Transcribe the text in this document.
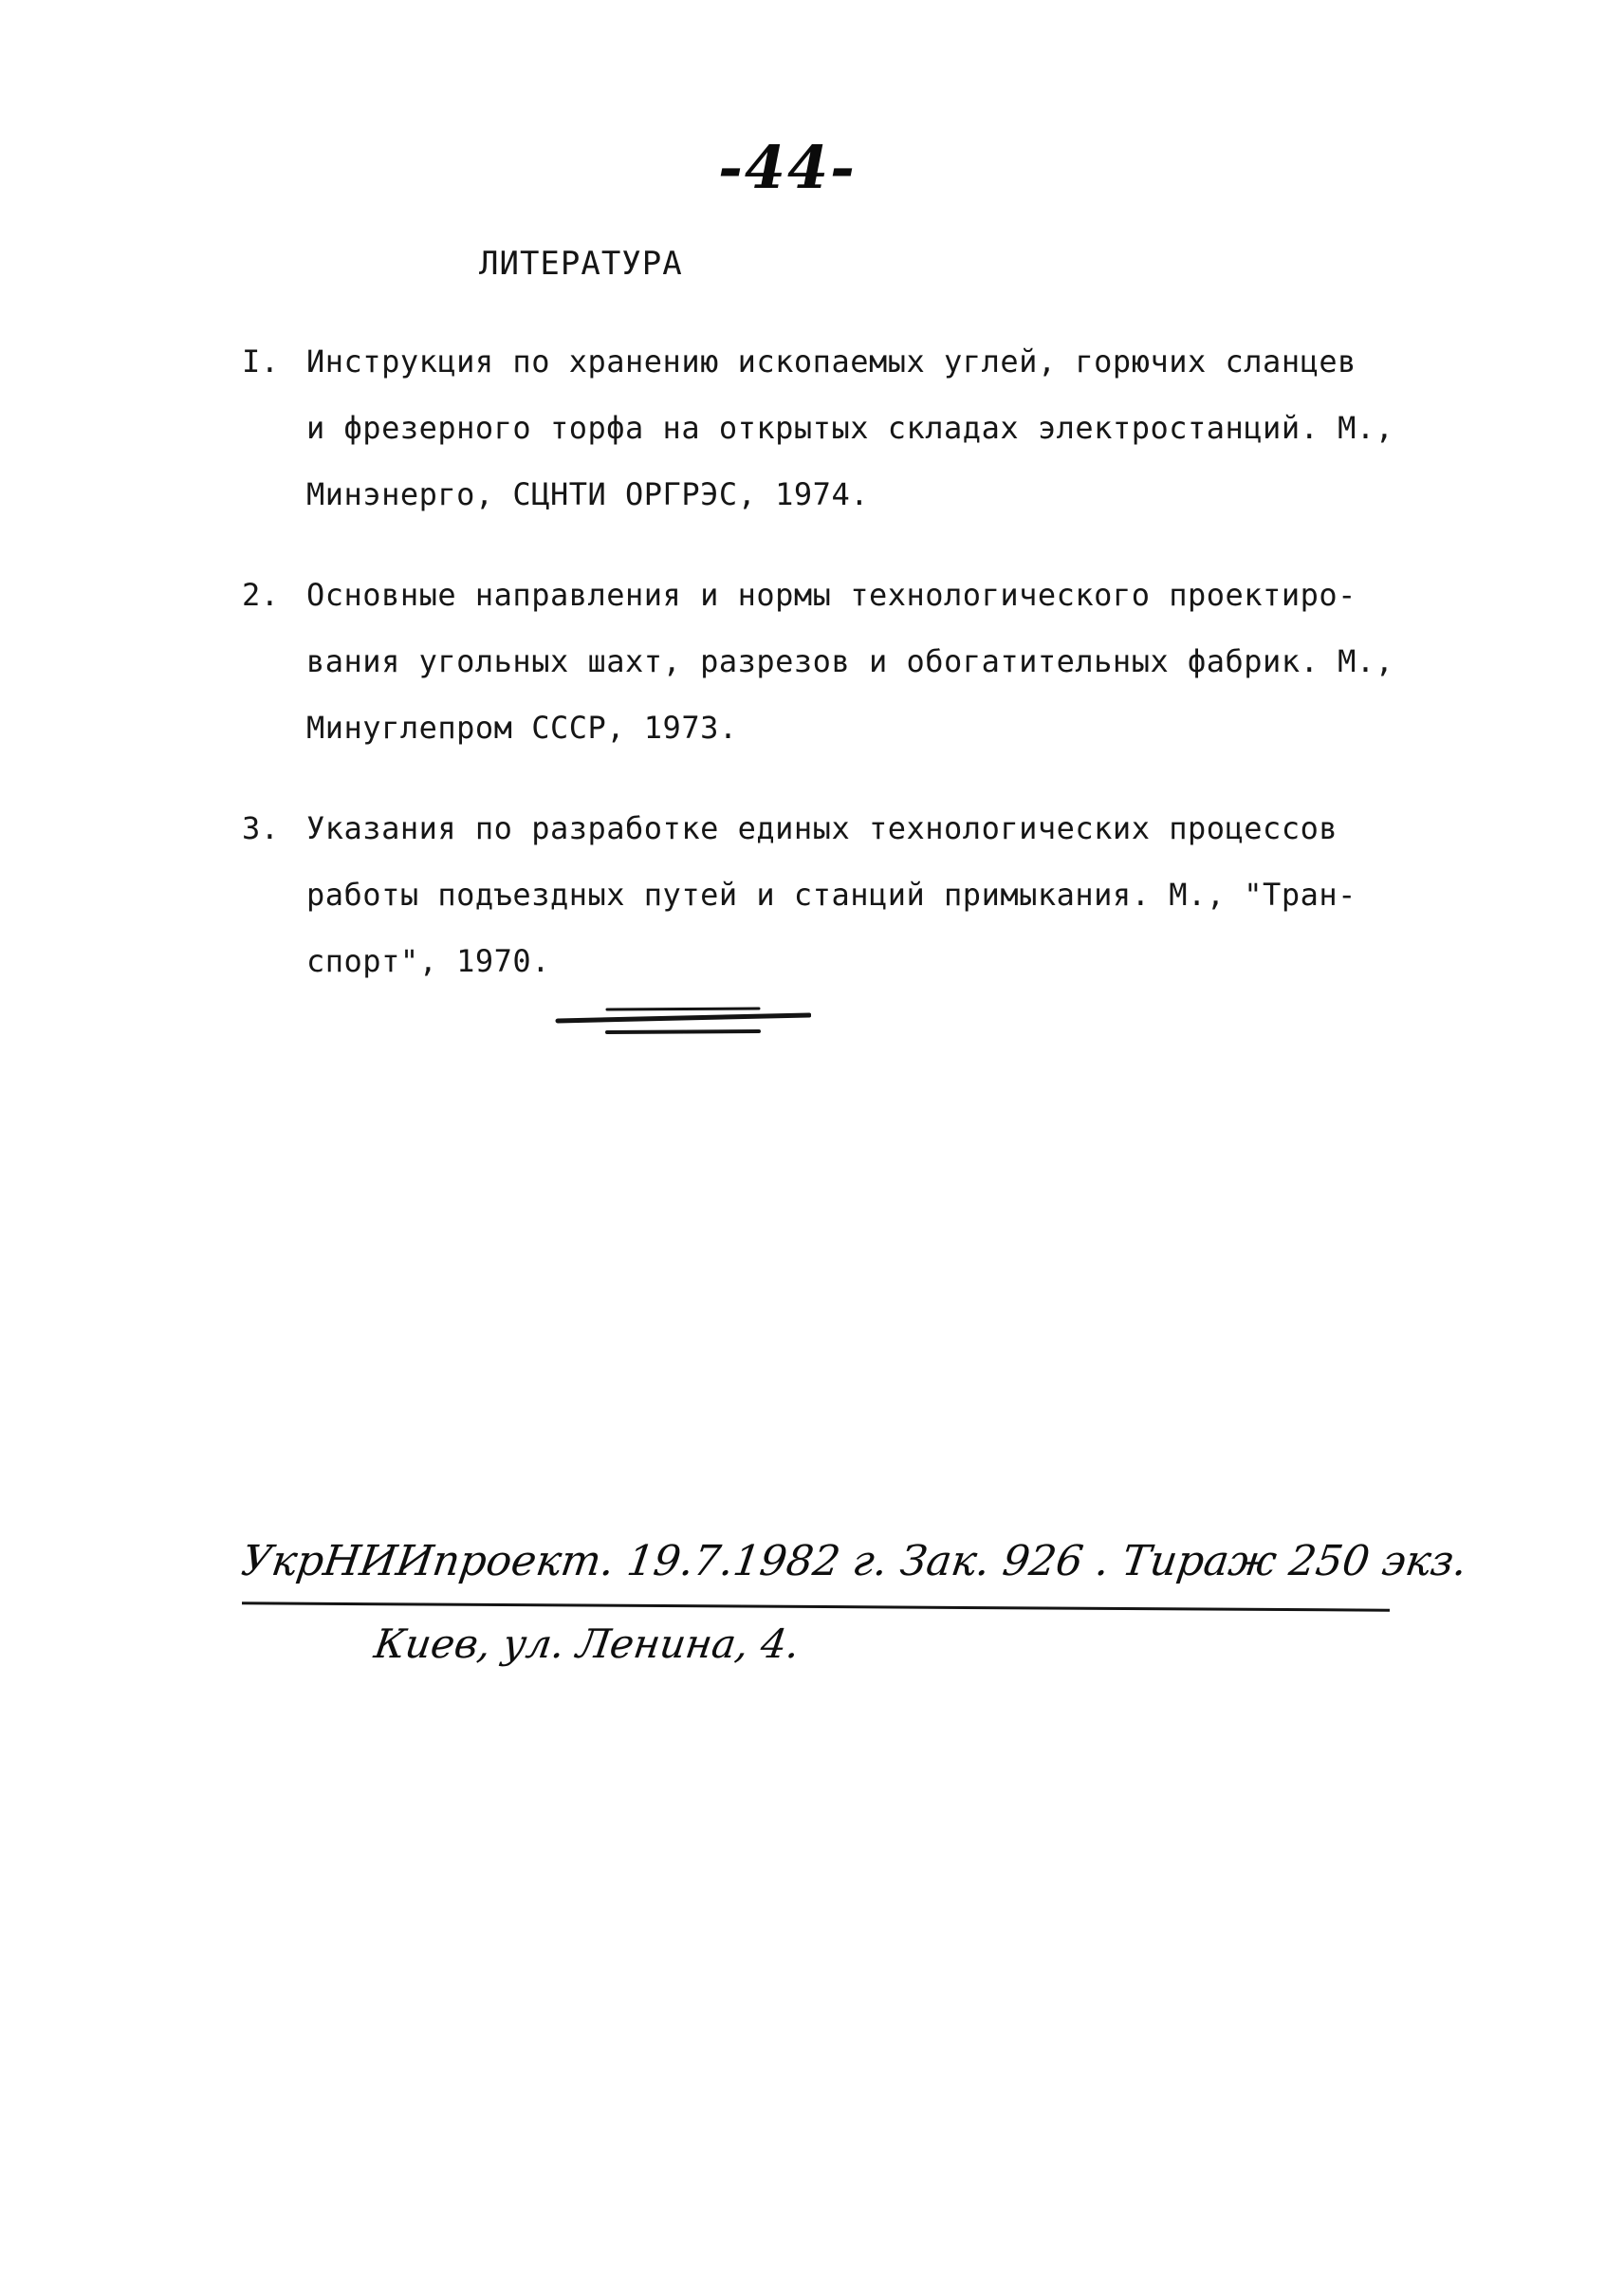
-44-
ЛИТЕРАТУРА
I. Инструкция по хранению ископаемых углей, горючих сланцев
и фрезерного торфа на открытых складах электростанций. М.,
Минэнерго, СЦНТИ ОРГРЭС, 1974.
2. Основные направления и нормы технологического проектиро-
вания угольных шахт, разрезов и обогатительных фабрик. М.,
Минуглепром СССР, 1973.
3. Указания по разработке единых технологических процессов
работы подъездных путей и станций примыкания. М., "Тран-
спорт", 1970.
УкрНИИпроект. 19.7.1982 г. Зак. 926 . Тираж 250 экз.
Киев, ул. Ленина, 4.
